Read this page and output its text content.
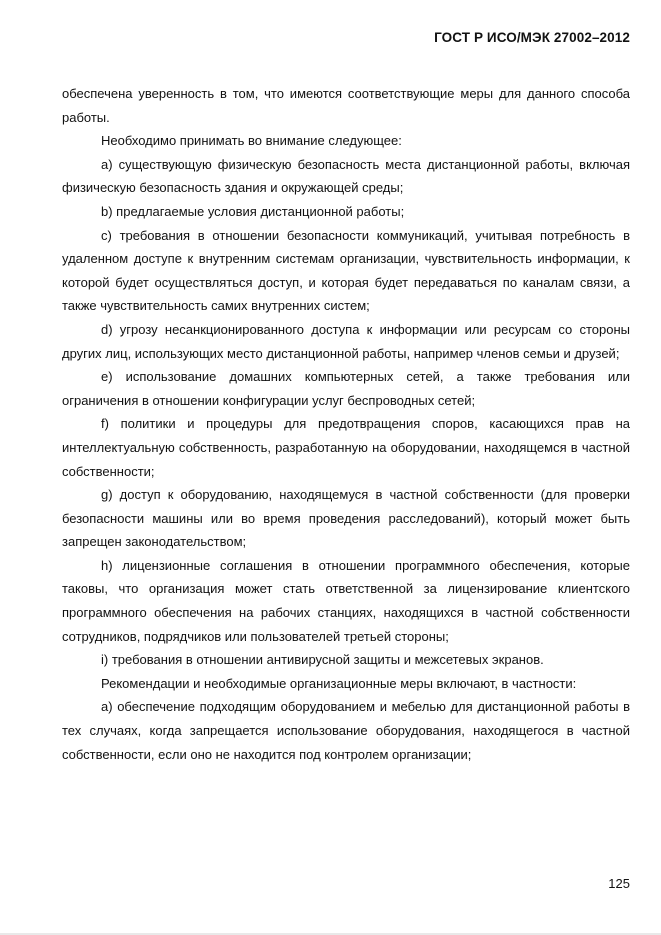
ГОСТ Р ИСО/МЭК 27002–2012

обеспечена уверенность в том, что имеются соответствующие меры для данного способа работы.

Необходимо принимать во внимание следующее:

a) существующую физическую безопасность места дистанционной работы, включая физическую безопасность здания и окружающей среды;

b) предлагаемые условия дистанционной работы;

c) требования в отношении безопасности коммуникаций, учитывая потребность в удаленном доступе к внутренним системам организации, чувствительность информации, к которой будет осуществляться доступ, и которая будет передаваться по каналам связи, а также чувствительность самих внутренних систем;

d) угрозу несанкционированного доступа к информации или ресурсам со стороны других лиц, использующих место дистанционной работы, например членов семьи и друзей;

e) использование домашних компьютерных сетей, а также требования или ограничения в отношении конфигурации услуг беспроводных сетей;

f) политики и процедуры для предотвращения споров, касающихся прав на интеллектуальную собственность, разработанную на оборудовании, находящемся в частной собственности;

g) доступ к оборудованию, находящемуся в частной собственности (для проверки безопасности машины или во время проведения расследований), который может быть запрещен законодательством;

h) лицензионные соглашения в отношении программного обеспечения, которые таковы, что организация может стать ответственной за лицензирование клиентского программного обеспечения на рабочих станциях, находящихся в частной собственности сотрудников, подрядчиков или пользователей третьей стороны;

i) требования в отношении антивирусной защиты и межсетевых экранов.

Рекомендации и необходимые организационные меры включают, в частности:

a) обеспечение подходящим оборудованием и мебелью для дистанционной работы в тех случаях, когда запрещается использование оборудования, находящегося в частной собственности, если оно не находится под контролем организации;

125
